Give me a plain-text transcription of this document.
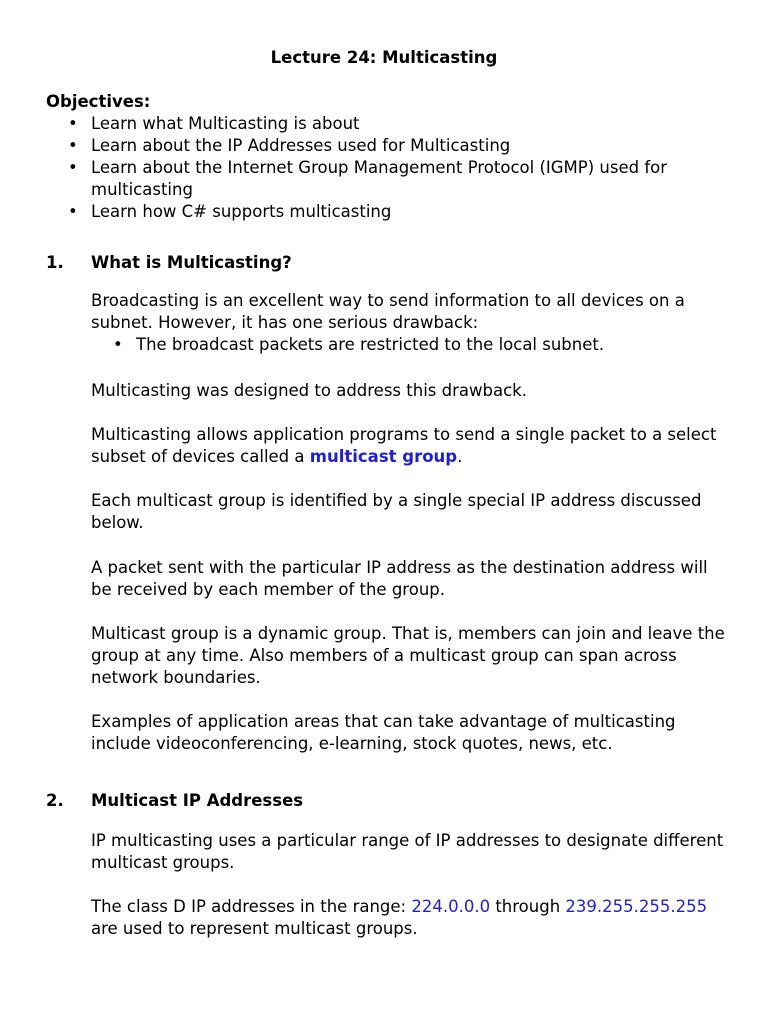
Lecture 24: Multicasting
Objectives:
• Learn what Multicasting is about
• Learn about the IP Addresses used for Multicasting
• Learn about the Internet Group Management Protocol (IGMP) used for multicasting
• Learn how C# supports multicasting
1. What is Multicasting?
Broadcasting is an excellent way to send information to all devices on a subnet. However, it has one serious drawback:
• The broadcast packets are restricted to the local subnet.
Multicasting was designed to address this drawback.
Multicasting allows application programs to send a single packet to a select subset of devices called a multicast group.
Each multicast group is identified by a single special IP address discussed below.
A packet sent with the particular IP address as the destination address will be received by each member of the group.
Multicast group is a dynamic group. That is, members can join and leave the group at any time. Also members of a multicast group can span across network boundaries.
Examples of application areas that can take advantage of multicasting include videoconferencing, e-learning, stock quotes, news, etc.
2. Multicast IP Addresses
IP multicasting uses a particular range of IP addresses to designate different multicast groups.
The class D IP addresses in the range: 224.0.0.0 through 239.255.255.255 are used to represent multicast groups.
